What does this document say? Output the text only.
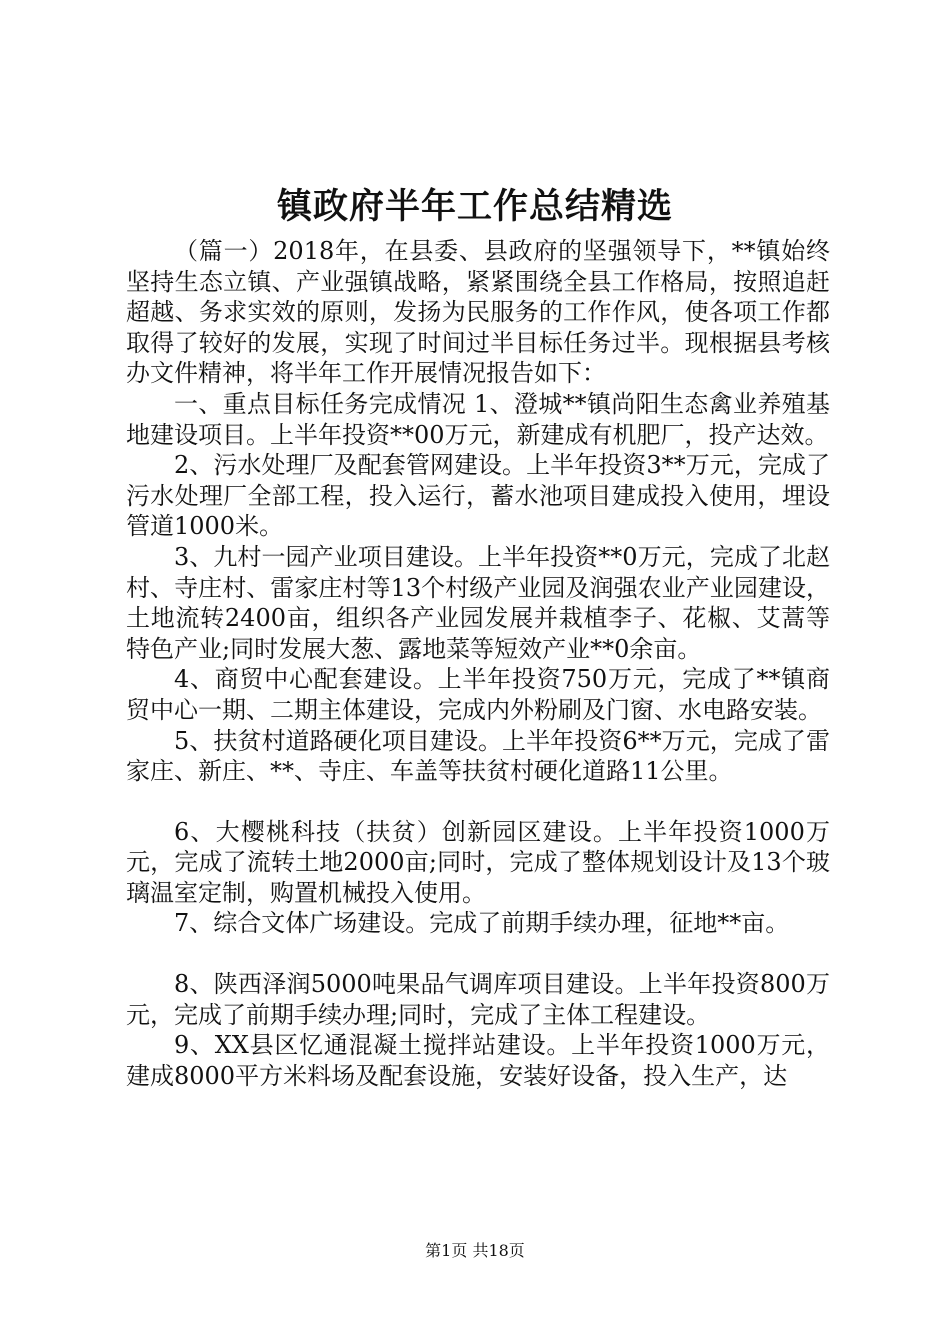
镇政府半年工作总结精选

（篇一）2018年，在县委、县政府的坚强领导下，**镇始终坚持生态立镇、产业强镇战略，紧紧围绕全县工作格局，按照追赶超越、务求实效的原则，发扬为民服务的工作作风，使各项工作都取得了较好的发展，实现了时间过半目标任务过半。现根据县考核办文件精神，将半年工作开展情况报告如下：

一、重点目标任务完成情况 1、澄城**镇尚阳生态禽业养殖基地建设项目。上半年投资**00万元，新建成有机肥厂，投产达效。

2、污水处理厂及配套管网建设。上半年投资3**万元，完成了污水处理厂全部工程，投入运行，蓄水池项目建成投入使用，埋设管道1000米。

3、九村一园产业项目建设。上半年投资**0万元，完成了北赵村、寺庄村、雷家庄村等13个村级产业园及润强农业产业园建设，土地流转2400亩，组织各产业园发展并栽植李子、花椒、艾蒿等特色产业;同时发展大葱、露地菜等短效产业**0余亩。

4、商贸中心配套建设。上半年投资750万元，完成了**镇商贸中心一期、二期主体建设，完成内外粉刷及门窗、水电路安装。

5、扶贫村道路硬化项目建设。上半年投资6**万元，完成了雷家庄、新庄、**、寺庄、车盖等扶贫村硬化道路11公里。

6、大樱桃科技（扶贫）创新园区建设。上半年投资1000万元，完成了流转土地2000亩;同时，完成了整体规划设计及13个玻璃温室定制，购置机械投入使用。

7、综合文体广场建设。完成了前期手续办理，征地**亩。

8、陕西泽润5000吨果品气调库项目建设。上半年投资800万元，完成了前期手续办理;同时，完成了主体工程建设。

9、XX县区忆通混凝土搅拌站建设。上半年投资1000万元，建成8000平方米料场及配套设施，安装好设备，投入生产，达

第1页 共18页
